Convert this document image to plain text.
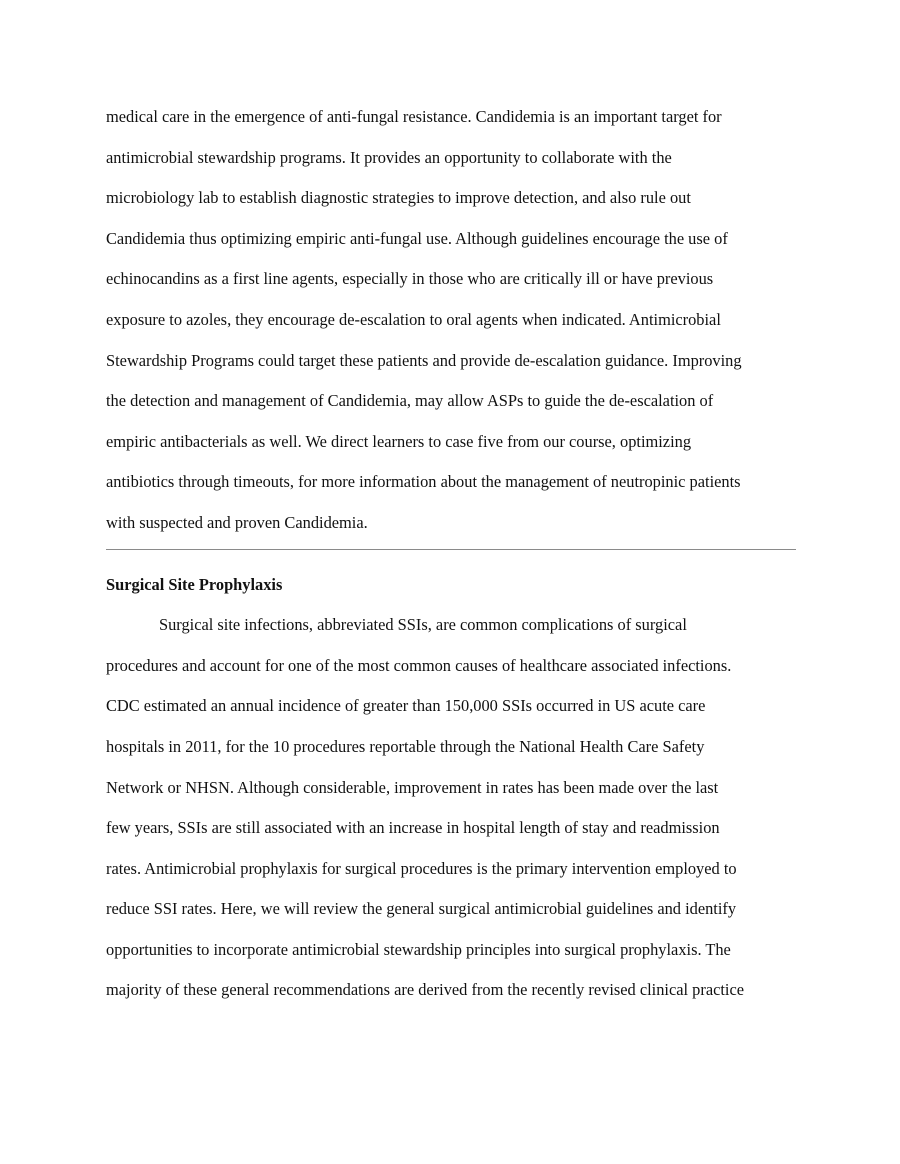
medical care in the emergence of anti-fungal resistance. Candidemia is an important target for
antimicrobial stewardship programs. It provides an opportunity to collaborate with the
microbiology lab to establish diagnostic strategies to improve detection, and also rule out
Candidemia thus optimizing empiric anti-fungal use. Although guidelines encourage the use of
echinocandins as a first line agents, especially in those who are critically ill or have previous
exposure to azoles, they encourage de-escalation to oral agents when indicated. Antimicrobial
Stewardship Programs could target these patients and provide de-escalation guidance. Improving
the detection and management of Candidemia, may allow ASPs to guide the de-escalation of
empiric antibacterials as well. We direct learners to case five from our course, optimizing
antibiotics through timeouts, for more information about the management of neutropinic patients
with suspected and proven Candidemia.
Surgical Site Prophylaxis
Surgical site infections, abbreviated SSIs, are common complications of surgical
procedures and account for one of the most common causes of healthcare associated infections.
CDC estimated an annual incidence of greater than 150,000 SSIs occurred in US acute care
hospitals in 2011, for the 10 procedures reportable through the National Health Care Safety
Network or NHSN. Although considerable, improvement in rates has been made over the last
few years, SSIs are still associated with an increase in hospital length of stay and readmission
rates. Antimicrobial prophylaxis for surgical procedures is the primary intervention employed to
reduce SSI rates. Here, we will review the general surgical antimicrobial guidelines and identify
opportunities to incorporate antimicrobial stewardship principles into surgical prophylaxis. The
majority of these general recommendations are derived from the recently revised clinical practice
